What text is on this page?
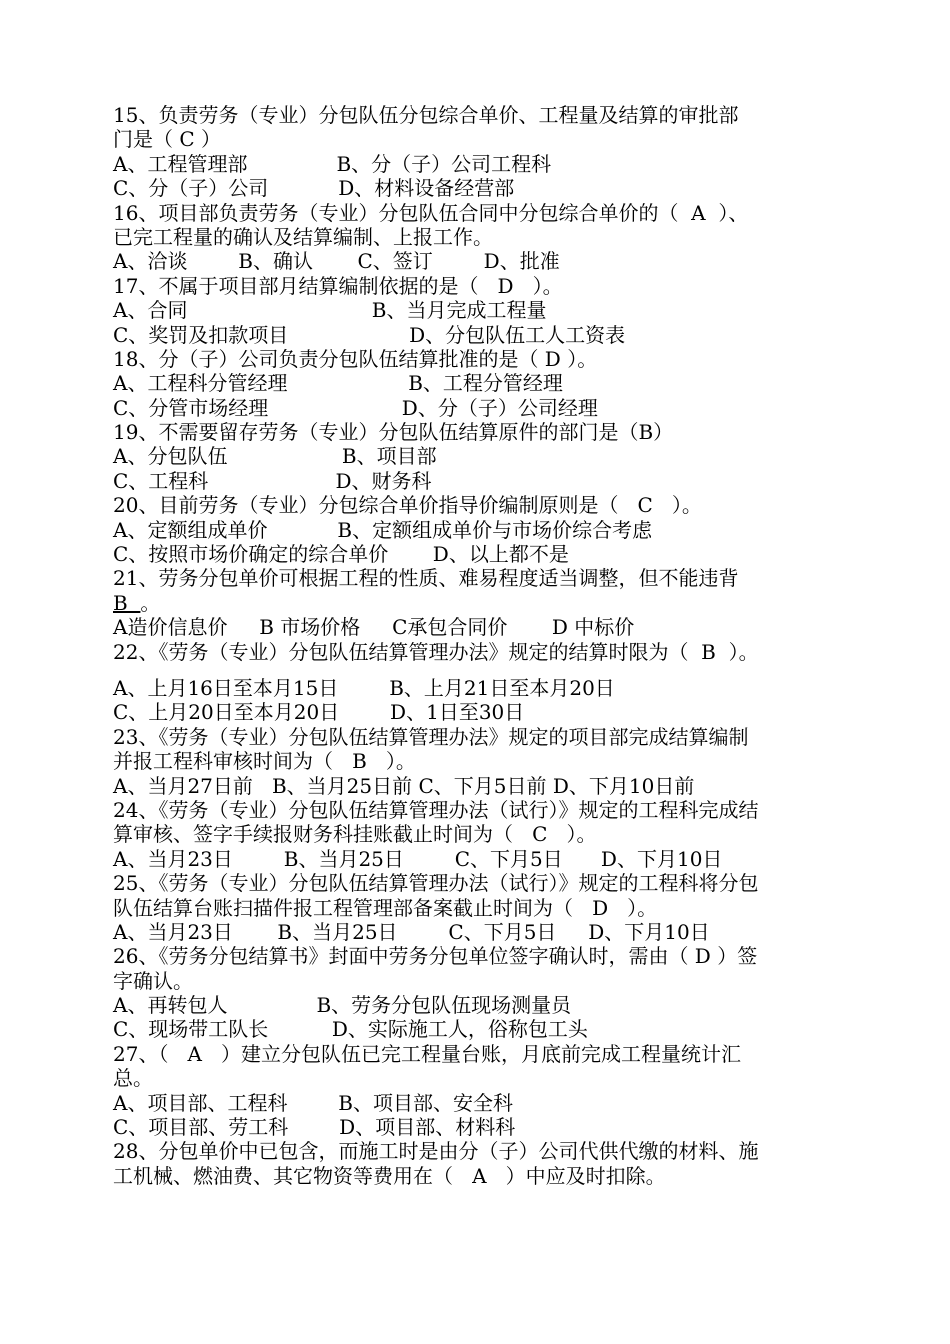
15、负责劳务（专业）分包队伍分包综合单价、工程量及结算的审批部
门是（ C ）
A、工程管理部              B、分（子）公司工程科
C、分（子）公司           D、材料设备经营部
16、项目部负责劳务（专业）分包队伍合同中分包综合单价的（  A  ）、
已完工程量的确认及结算编制、上报工作。
A、洽谈        B、确认       C、签订        D、批准
17、不属于项目部月结算编制依据的是（   D   ）。
A、合同                             B、当月完成工程量
C、奖罚及扣款项目                   D、分包队伍工人工资表
18、分（子）公司负责分包队伍结算批准的是（ D ）。
A、工程科分管经理                   B、工程分管经理
C、分管市场经理                     D、分（子）公司经理
19、不需要留存劳务（专业）分包队伍结算原件的部门是（B）
A、分包队伍                  B、项目部
C、工程科                    D、财务科
20、目前劳务（专业）分包综合单价指导价编制原则是（   C   ）。
A、定额组成单价           B、定额组成单价与市场价综合考虑
C、按照市场价确定的综合单价       D、以上都不是
21、劳务分包单价可根据工程的性质、难易程度适当调整，但不能违背
B  。
A造价信息价     B 市场价格     C承包合同价       D 中标价
22、《劳务（专业）分包队伍结算管理办法》规定的结算时限为（  B  ）。
A、上月16日至本月15日        B、上月21日至本月20日
C、上月20日至本月20日        D、1日至30日
23、《劳务（专业）分包队伍结算管理办法》规定的项目部完成结算编制
并报工程科审核时间为（   B   ）。
A、当月27日前   B、当月25日前 C、下月5日前 D、下月10日前
24、《劳务（专业）分包队伍结算管理办法（试行）》规定的工程科完成结
算审核、签字手续报财务科挂账截止时间为（   C   ）。
A、当月23日        B、当月25日        C、下月5日      D、下月10日
25、《劳务（专业）分包队伍结算管理办法（试行）》规定的工程科将分包
队伍结算台账扫描件报工程管理部备案截止时间为（   D   ）。
A、当月23日       B、当月25日        C、下月5日     D、下月10日
26、《劳务分包结算书》封面中劳务分包单位签字确认时，需由（ D ）签
字确认。
A、再转包人              B、劳务分包队伍现场测量员
C、现场带工队长          D、实际施工人，俗称包工头
27、（   A   ）建立分包队伍已完工程量台账，月底前完成工程量统计汇
总。
A、项目部、工程科        B、项目部、安全科
C、项目部、劳工科        D、项目部、材料科
28、分包单价中已包含，而施工时是由分（子）公司代供代缴的材料、施
工机械、燃油费、其它物资等费用在（   A   ）中应及时扣除。
